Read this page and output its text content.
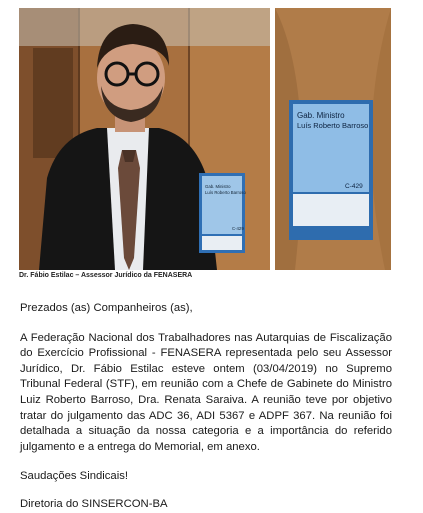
Gab. Ministro
Luís Roberto Barroso
C-429
Gab. Ministro
Luís Roberto Barroso
C-429
Dr. Fábio Estilac – Assessor Jurídico da FENASERA

Prezados (as) Companheiros (as),

A Federação Nacional dos Trabalhadores nas Autarquias de Fiscalização do Exercício Profissional - FENASERA representada pelo seu Assessor Jurídico, Dr. Fábio Estilac esteve ontem (03/04/2019) no Supremo Tribunal Federal (STF), em reunião com a Chefe de Gabinete do Ministro Luiz Roberto Barroso, Dra. Renata Saraiva. A reunião teve por objetivo tratar do julgamento das ADC 36, ADI 5367 e ADPF 367. Na reunião foi detalhada a situação da nossa categoria e a importância do referido julgamento e a entrega do Memorial, em anexo.

Saudações Sindicais!

Diretoria do SINSERCON-BA
